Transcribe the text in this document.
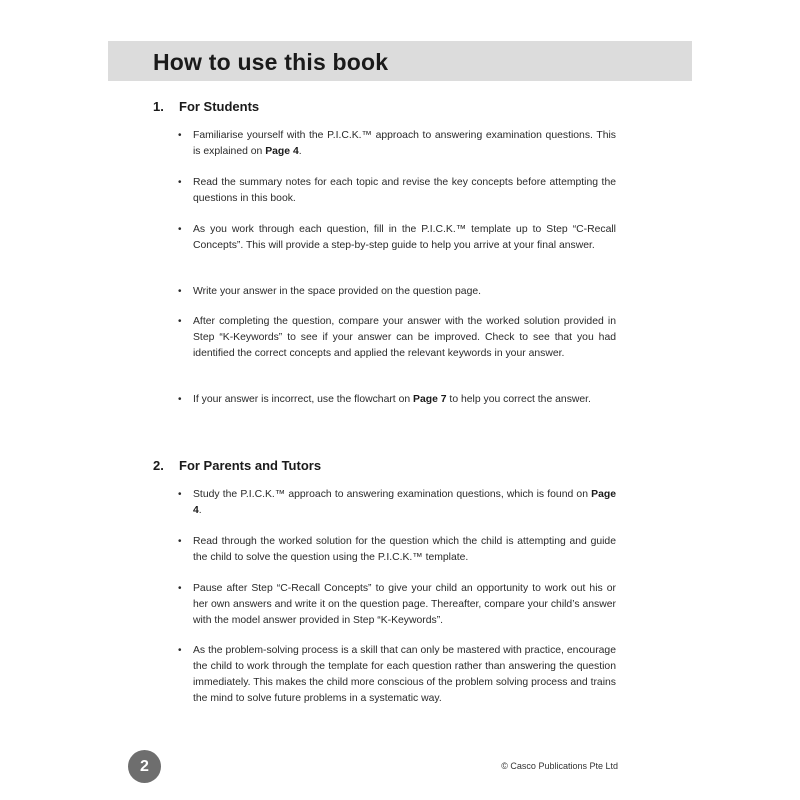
How to use this book
1. For Students
• Familiarise yourself with the P.I.C.K.™ approach to answering examination questions. This is explained on Page 4.
• Read the summary notes for each topic and revise the key concepts before attempting the questions in this book.
• As you work through each question, fill in the P.I.C.K.™ template up to Step “C-Recall Concepts”. This will provide a step-by-step guide to help you arrive at your final answer.
• Write your answer in the space provided on the question page.
• After completing the question, compare your answer with the worked solution provided in Step “K-Keywords” to see if your answer can be improved. Check to see that you had identified the correct concepts and applied the relevant keywords in your answer.
• If your answer is incorrect, use the flowchart on Page 7 to help you correct the answer.
2. For Parents and Tutors
• Study the P.I.C.K.™ approach to answering examination questions, which is found on Page 4.
• Read through the worked solution for the question which the child is attempting and guide the child to solve the question using the P.I.C.K.™ template.
• Pause after Step “C-Recall Concepts” to give your child an opportunity to work out his or her own answers and write it on the question page. Thereafter, compare your child’s answer with the model answer provided in Step “K-Keywords”.
• As the problem-solving process is a skill that can only be mastered with practice, encourage the child to work through the template for each question rather than answering the question immediately. This makes the child more conscious of the problem solving process and trains the mind to solve future problems in a systematic way.
2	© Casco Publications Pte Ltd
